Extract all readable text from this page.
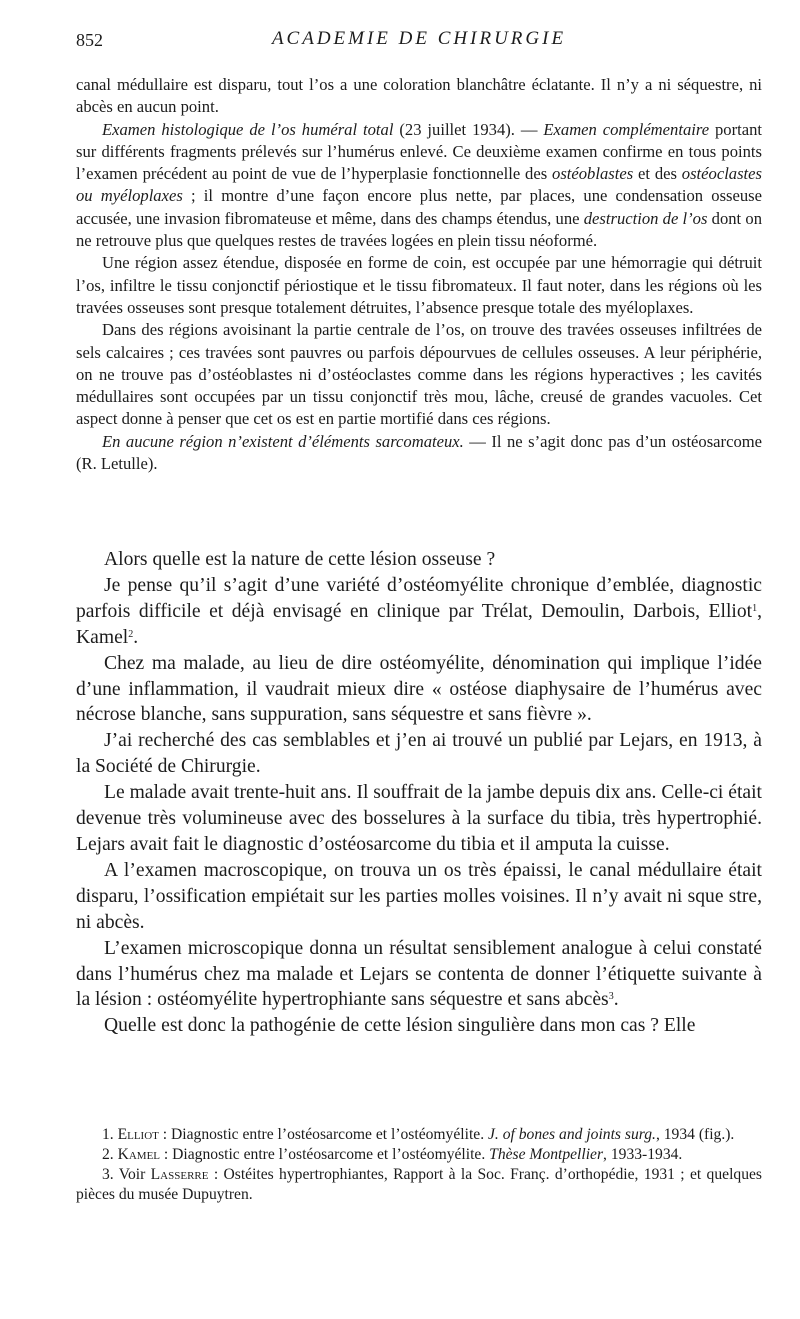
852	ACADEMIE DE CHIRURGIE

canal médullaire est disparu, tout l’os a une coloration blanchâtre éclatante. Il n’y a ni séquestre, ni abcès en aucun point.

Examen histologique de l’os huméral total (23 juillet 1934). — Examen complémentaire portant sur différents fragments prélevés sur l’humérus enlevé. Ce deuxième examen confirme en tous points l’examen précédent au point de vue de l’hyperplasie fonctionnelle des ostéoblastes et des ostéoclastes ou myéloplaxes ; il montre d’une façon encore plus nette, par places, une condensation osseuse accusée, une invasion fibromateuse et même, dans des champs étendus, une destruction de l’os dont on ne retrouve plus que quelques restes de travées logées en plein tissu néoformé.

Une région assez étendue, disposée en forme de coin, est occupée par une hémorragie qui détruit l’os, infiltre le tissu conjonctif périostique et le tissu fibromateux. Il faut noter, dans les régions où les travées osseuses sont presque totalement détruites, l’absence presque totale des myéloplaxes.

Dans des régions avoisinant la partie centrale de l’os, on trouve des travées osseuses infiltrées de sels calcaires ; ces travées sont pauvres ou parfois dépourvues de cellules osseuses. A leur périphérie, on ne trouve pas d’ostéoblastes ni d’ostéoclastes comme dans les régions hyperactives ; les cavités médullaires sont occupées par un tissu conjonctif très mou, lâche, creusé de grandes vacuoles. Cet aspect donne à penser que cet os est en partie mortifié dans ces régions.

En aucune région n’existent d’éléments sarcomateux. — Il ne s’agit donc pas d’un ostéosarcome (R. Letulle).

Alors quelle est la nature de cette lésion osseuse ?

Je pense qu’il s’agit d’une variété d’ostéomyélite chronique d’emblée, diagnostic parfois difficile et déjà envisagé en clinique par Trélat, Demoulin, Darbois, Elliot$^1$, Kamel$^2$.

Chez ma malade, au lieu de dire ostéomyélite, dénomination qui implique l’idée d’une inflammation, il vaudrait mieux dire « ostéose diaphysaire de l’humérus avec nécrose blanche, sans suppuration, sans séquestre et sans fièvre ».

J’ai recherché des cas semblables et j’en ai trouvé un publié par Lejars, en 1913, à la Société de Chirurgie.

Le malade avait trente-huit ans. Il souffrait de la jambe depuis dix ans. Celle-ci était devenue très volumineuse avec des bosselures à la surface du tibia, très hypertrophié. Lejars avait fait le diagnostic d’ostéosarcome du tibia et il amputa la cuisse.

A l’examen macroscopique, on trouva un os très épaissi, le canal médullaire était disparu, l’ossification empiétait sur les parties molles voisines. Il n’y avait ni sque stre, ni abcès.

L’examen microscopique donna un résultat sensiblement analogue à celui constaté dans l’humérus chez ma malade et Lejars se contenta de donner l’étiquette suivante à la lésion : ostéomyélite hypertrophiante sans séquestre et sans abcès$^3$.

Quelle est donc la pathogénie de cette lésion singulière dans mon cas ? Elle

1. Elliot : Diagnostic entre l’ostéosarcome et l’ostéomyélite. J. of bones and joints surg., 1934 (fig.).

2. Kamel : Diagnostic entre l’ostéosarcome et l’ostéomyélite. Thèse Montpellier, 1933-1934.

3. Voir Lasserre : Ostéites hypertrophiantes, Rapport à la Soc. Franç. d’orthopédie, 1931 ; et quelques pièces du musée Dupuytren.
